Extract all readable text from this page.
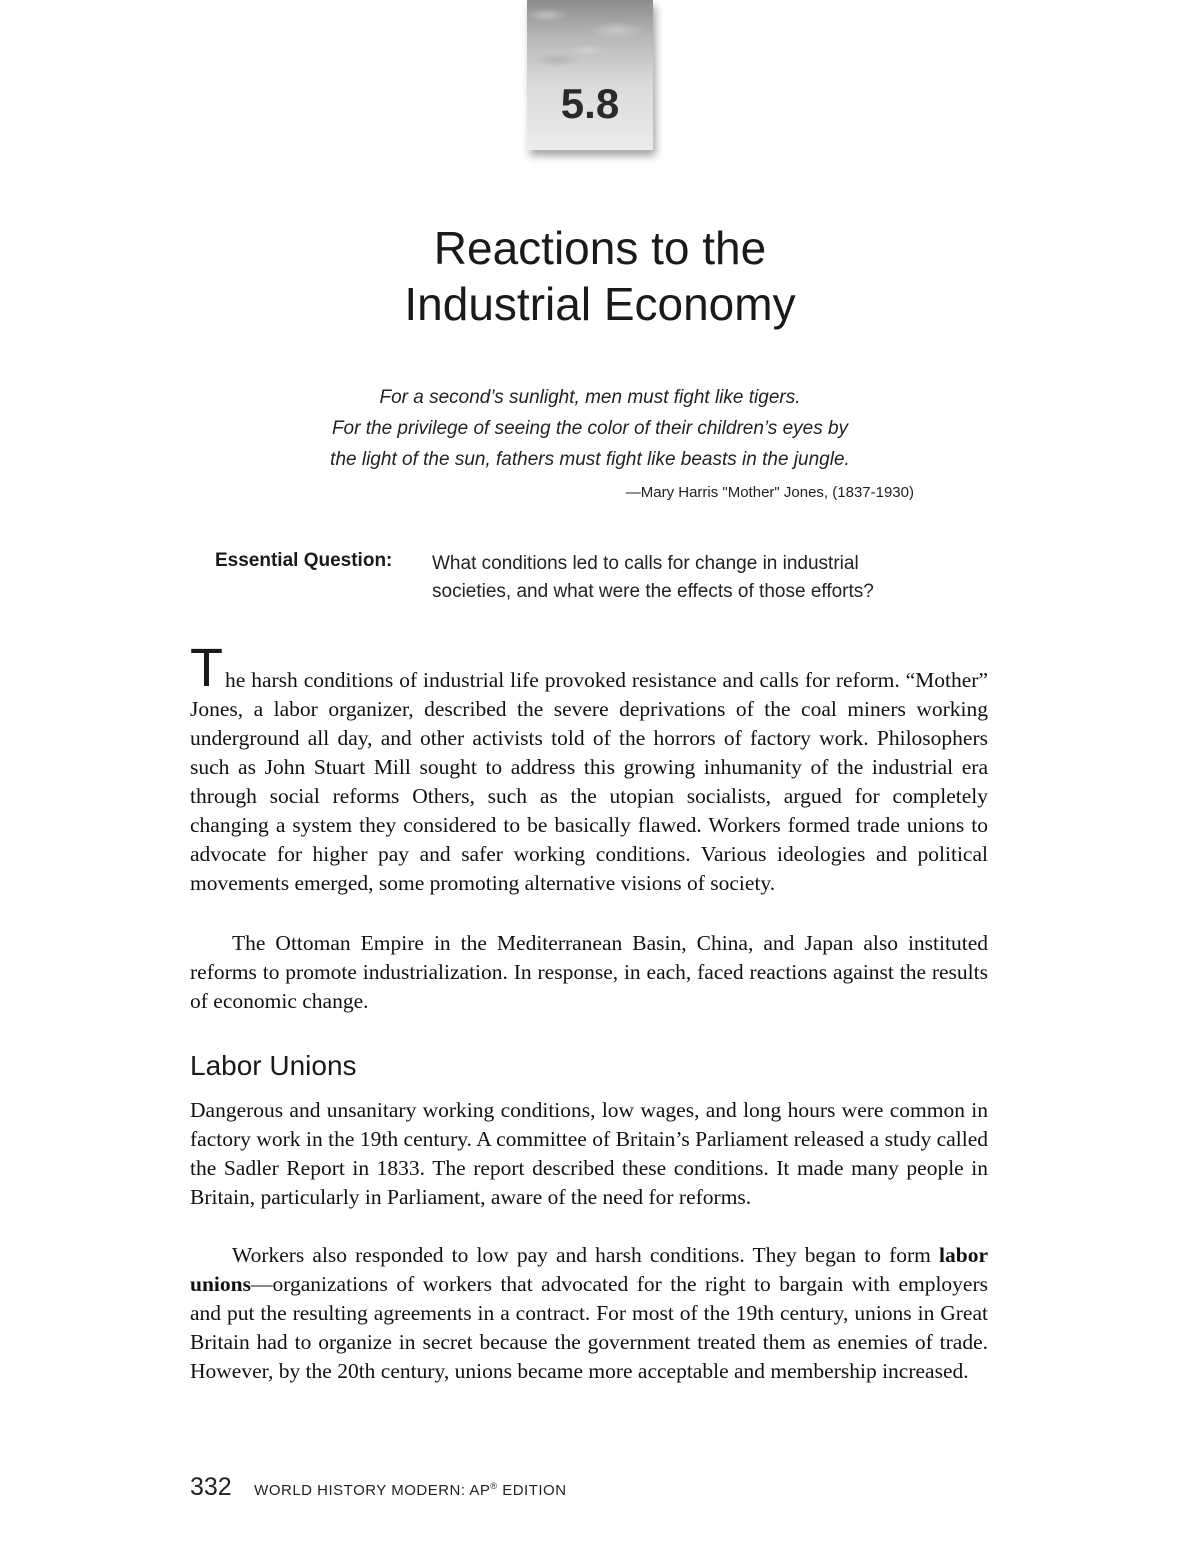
5.8
Reactions to the
Industrial Economy
For a second’s sunlight, men must fight like tigers.
For the privilege of seeing the color of their children’s eyes by
the light of the sun, fathers must fight like beasts in the jungle.
—Mary Harris "Mother" Jones, (1837-1930)
Essential Question: What conditions led to calls for change in industrial
societies, and what were the effects of those efforts?

The harsh conditions of industrial life provoked resistance and calls for reform. “Mother” Jones, a labor organizer, described the severe deprivations of the coal miners working underground all day, and other activists told of the horrors of factory work. Philosophers such as John Stuart Mill sought to address this growing inhumanity of the industrial era through social reforms Others, such as the utopian socialists, argued for completely changing a system they considered to be basically flawed. Workers formed trade unions to advocate for higher pay and safer working conditions. Various ideologies and political movements emerged, some promoting alternative visions of society.

The Ottoman Empire in the Mediterranean Basin, China, and Japan also instituted reforms to promote industrialization. In response, in each, faced reactions against the results of economic change.

Labor Unions

Dangerous and unsanitary working conditions, low wages, and long hours were common in factory work in the 19th century. A committee of Britain’s Parliament released a study called the Sadler Report in 1833. The report described these conditions. It made many people in Britain, particularly in Parliament, aware of the need for reforms.

Workers also responded to low pay and harsh conditions. They began to form labor unions—organizations of workers that advocated for the right to bargain with employers and put the resulting agreements in a contract. For most of the 19th century, unions in Great Britain had to organize in secret because the government treated them as enemies of trade. However, by the 20th century, unions became more acceptable and membership increased.

332 WORLD HISTORY MODERN: AP® EDITION
